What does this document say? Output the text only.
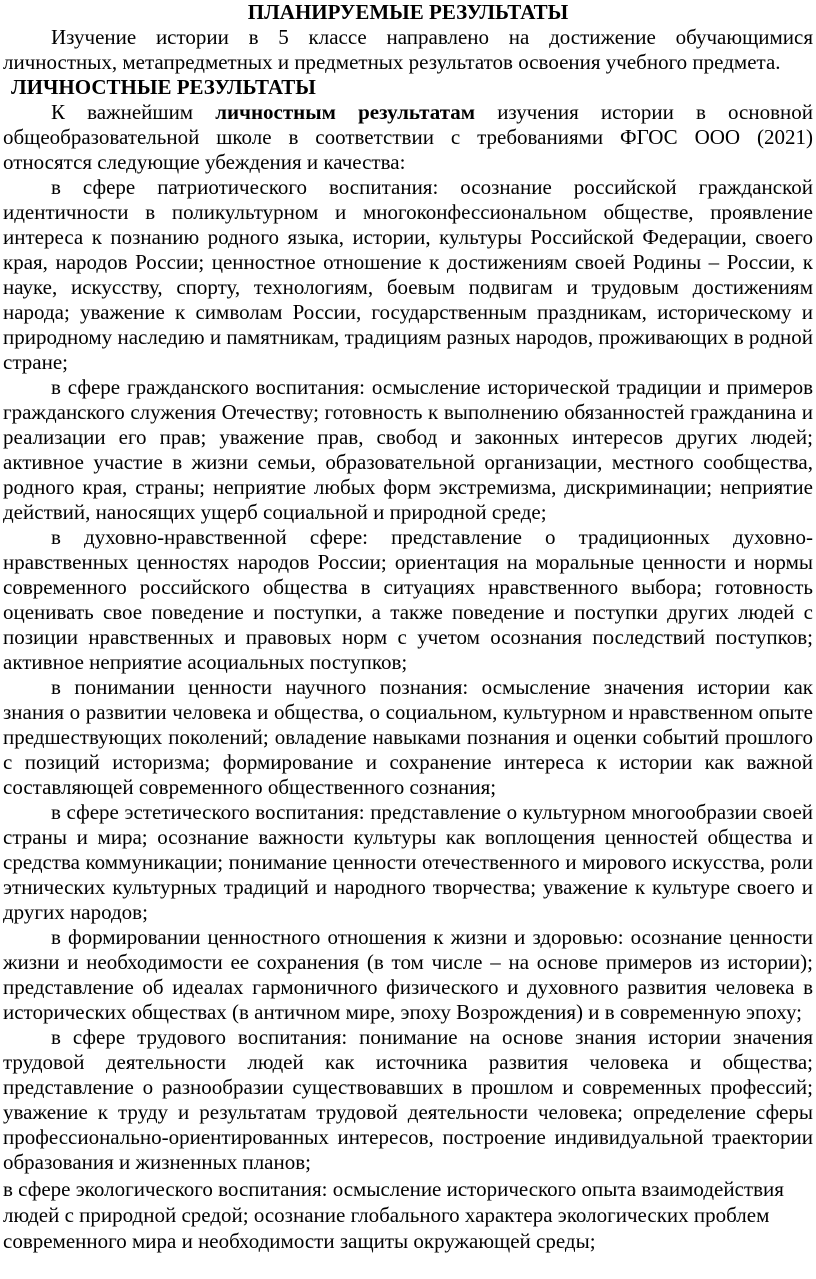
ПЛАНИРУЕМЫЕ РЕЗУЛЬТАТЫ

Изучение истории в 5 классе направлено на достижение обучающимися личностных, метапредметных и предметных результатов освоения учебного предмета.

ЛИЧНОСТНЫЕ РЕЗУЛЬТАТЫ

К важнейшим личностным результатам изучения истории в основной общеобразовательной школе в соответствии с требованиями ФГОС ООО (2021) относятся следующие убеждения и качества:

в сфере патриотического воспитания: осознание российской гражданской идентичности в поликультурном и многоконфессиональном обществе, проявление интереса к познанию родного языка, истории, культуры Российской Федерации, своего края, народов России; ценностное отношение к достижениям своей Родины – России, к науке, искусству, спорту, технологиям, боевым подвигам и трудовым достижениям народа; уважение к символам России, государственным праздникам, историческому и природному наследию и памятникам, традициям разных народов, проживающих в родной стране;

в сфере гражданского воспитания: осмысление исторической традиции и примеров гражданского служения Отечеству; готовность к выполнению обязанностей гражданина и реализации его прав; уважение прав, свобод и законных интересов других людей; активное участие в жизни семьи, образовательной организации, местного сообщества, родного края, страны; неприятие любых форм экстремизма, дискриминации; неприятие действий, наносящих ущерб социальной и природной среде;

в духовно-нравственной сфере: представление о традиционных духовно-нравственных ценностях народов России; ориентация на моральные ценности и нормы современного российского общества в ситуациях нравственного выбора; готовность оценивать свое поведение и поступки, а также поведение и поступки других людей с позиции нравственных и правовых норм с учетом осознания последствий поступков; активное неприятие асоциальных поступков;

в понимании ценности научного познания: осмысление значения истории как знания о развитии человека и общества, о социальном, культурном и нравственном опыте предшествующих поколений; овладение навыками познания и оценки событий прошлого с позиций историзма; формирование и сохранение интереса к истории как важной составляющей современного общественного сознания;

в сфере эстетического воспитания: представление о культурном многообразии своей страны и мира; осознание важности культуры как воплощения ценностей общества и средства коммуникации; понимание ценности отечественного и мирового искусства, роли этнических культурных традиций и народного творчества; уважение к культуре своего и других народов;

в формировании ценностного отношения к жизни и здоровью: осознание ценности жизни и необходимости ее сохранения (в том числе – на основе примеров из истории); представление об идеалах гармоничного физического и духовного развития человека в исторических обществах (в античном мире, эпоху Возрождения) и в современную эпоху;

в сфере трудового воспитания: понимание на основе знания истории значения трудовой деятельности людей как источника развития человека и общества; представление о разнообразии существовавших в прошлом и современных профессий; уважение к труду и результатам трудовой деятельности человека; определение сферы профессионально-ориентированных интересов, построение индивидуальной траектории образования и жизненных планов;

в сфере экологического воспитания: осмысление исторического опыта взаимодействия людей с природной средой; осознание глобального характера экологических проблем современного мира и необходимости защиты окружающей среды;
